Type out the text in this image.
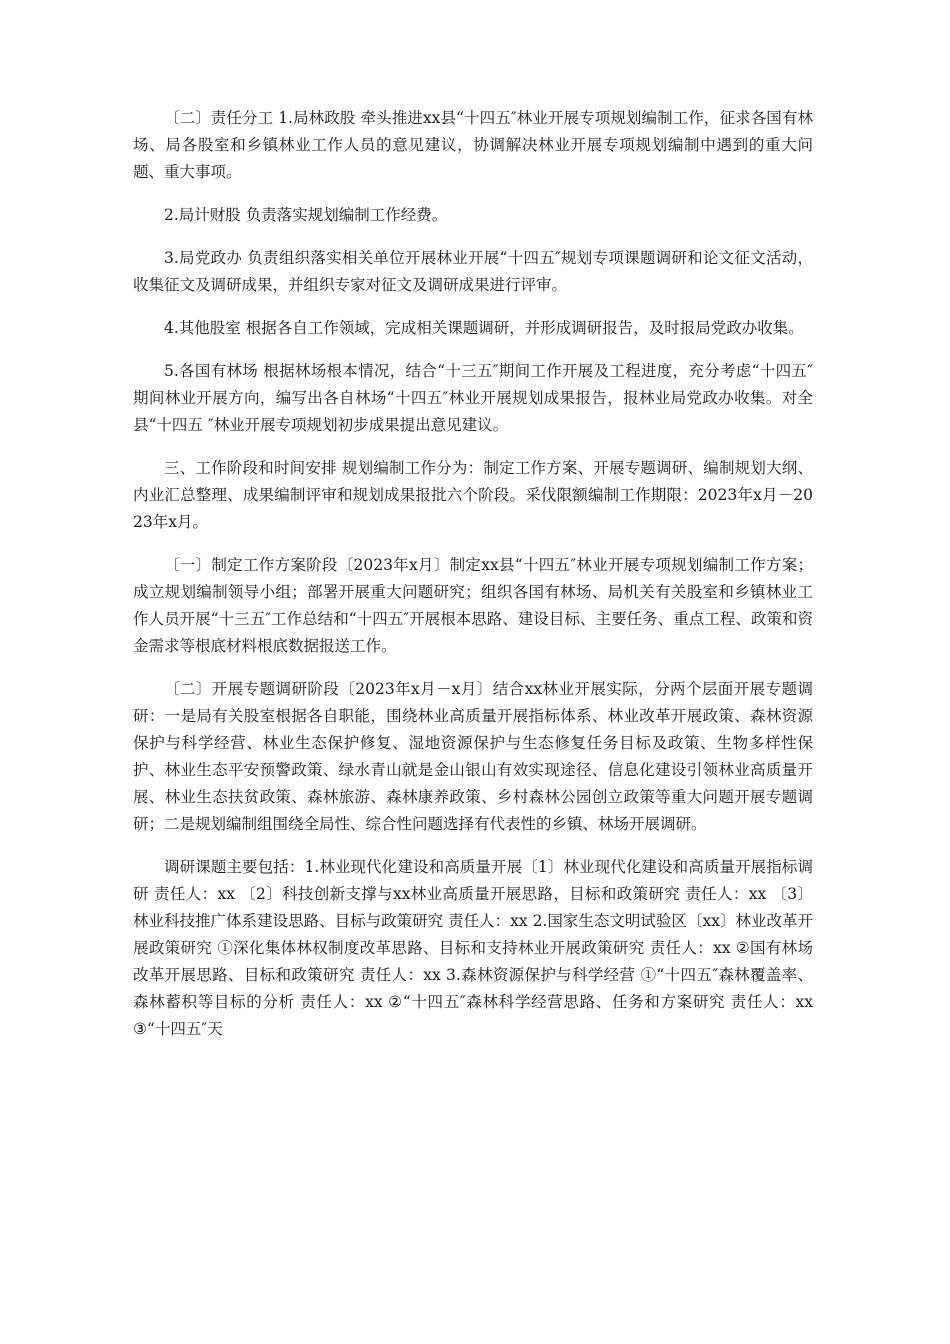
〔二〕责任分工 1.局林政股 牵头推进xx县“十四五″林业开展专项规划编制工作，征求各国有林场、局各股室和乡镇林业工作人员的意见建议，协调解决林业开展专项规划编制中遇到的重大问题、重大事项。

2.局计财股 负责落实规划编制工作经费。

3.局党政办 负责组织落实相关单位开展林业开展“十四五″规划专项课题调研和论文征文活动，收集征文及调研成果，并组织专家对征文及调研成果进行评审。

4.其他股室 根据各自工作领域，完成相关课题调研，并形成调研报告，及时报局党政办收集。

5.各国有林场 根据林场根本情况，结合“十三五″期间工作开展及工程进度，充分考虑“十四五″期间林业开展方向，编写出各自林场“十四五″林业开展规划成果报告，报林业局党政办收集。对全县“十四五 ″林业开展专项规划初步成果提出意见建议。

三、工作阶段和时间安排 规划编制工作分为：制定工作方案、开展专题调研、编制规划大纲、内业汇总整理、成果编制评审和规划成果报批六个阶段。采伐限额编制工作期限：2023年x月－2023年x月。

〔一〕制定工作方案阶段〔2023年x月〕制定xx县“十四五″林业开展专项规划编制工作方案；成立规划编制领导小组；部署开展重大问题研究；组织各国有林场、局机关有关股室和乡镇林业工作人员开展“十三五″工作总结和“十四五″开展根本思路、建设目标、主要任务、重点工程、政策和资金需求等根底材料根底数据报送工作。

〔二〕开展专题调研阶段〔2023年x月－x月〕结合xx林业开展实际，分两个层面开展专题调研：一是局有关股室根据各自职能，围绕林业高质量开展指标体系、林业改革开展政策、森林资源保护与科学经营、林业生态保护修复、湿地资源保护与生态修复任务目标及政策、生物多样性保护、林业生态平安预警政策、绿水青山就是金山银山有效实现途径、信息化建设引领林业高质量开展、林业生态扶贫政策、森林旅游、森林康养政策、乡村森林公园创立政策等重大问题开展专题调研；二是规划编制组围绕全局性、综合性问题选择有代表性的乡镇、林场开展调研。

调研课题主要包括：1.林业现代化建设和高质量开展〔1〕林业现代化建设和高质量开展指标调研 责任人：xx 〔2〕科技创新支撑与xx林业高质量开展思路，目标和政策研究 责任人：xx 〔3〕林业科技推广体系建设思路、目标与政策研究 责任人：xx 2.国家生态文明试验区〔xx〕林业改革开展政策研究 ①深化集体林权制度改革思路、目标和支持林业开展政策研究 责任人：xx ②国有林场改革开展思路、目标和政策研究 责任人：xx 3.森林资源保护与科学经营 ①“十四五″森林覆盖率、森林蓄积等目标的分析 责任人：xx ②“十四五″森林科学经营思路、任务和方案研究 责任人：xx ③“十四五″天
